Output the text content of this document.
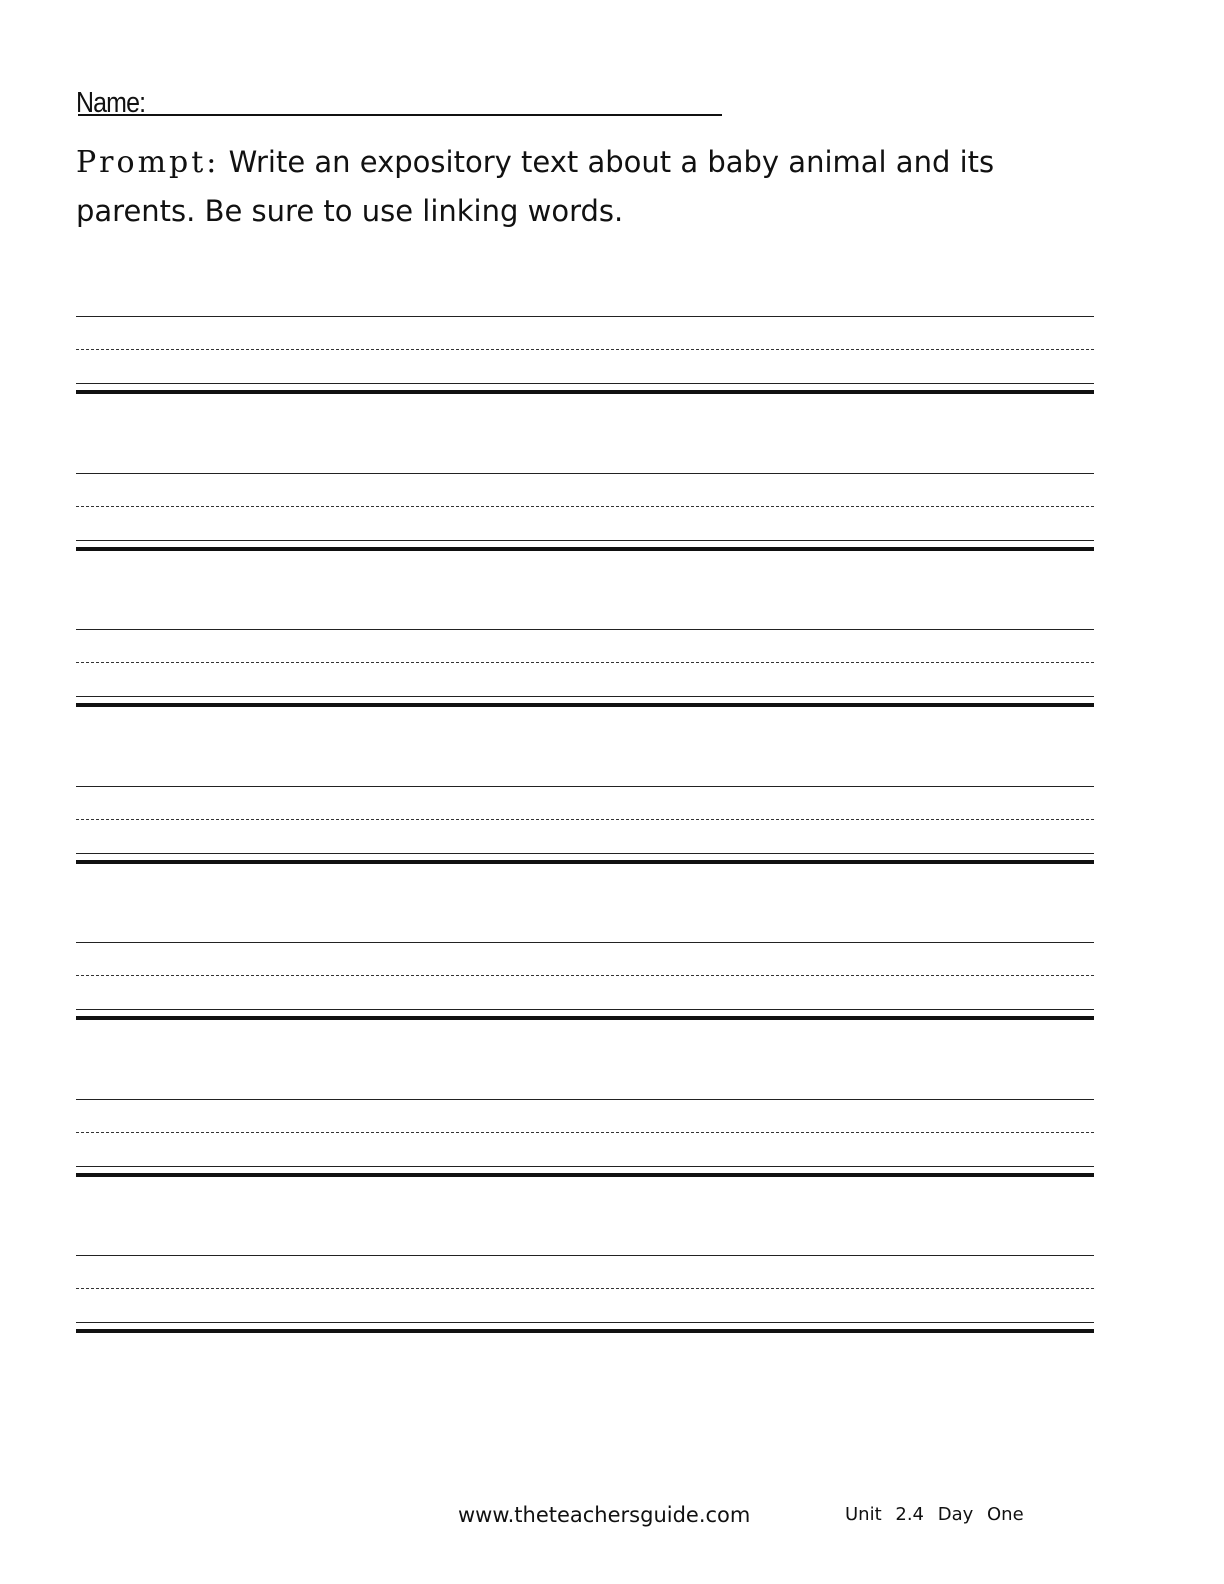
Name:
Prompt: Write an expository text about a baby animal and its parents. Be sure to use linking words.
www.theteachersguide.com	Unit 2.4 Day One
